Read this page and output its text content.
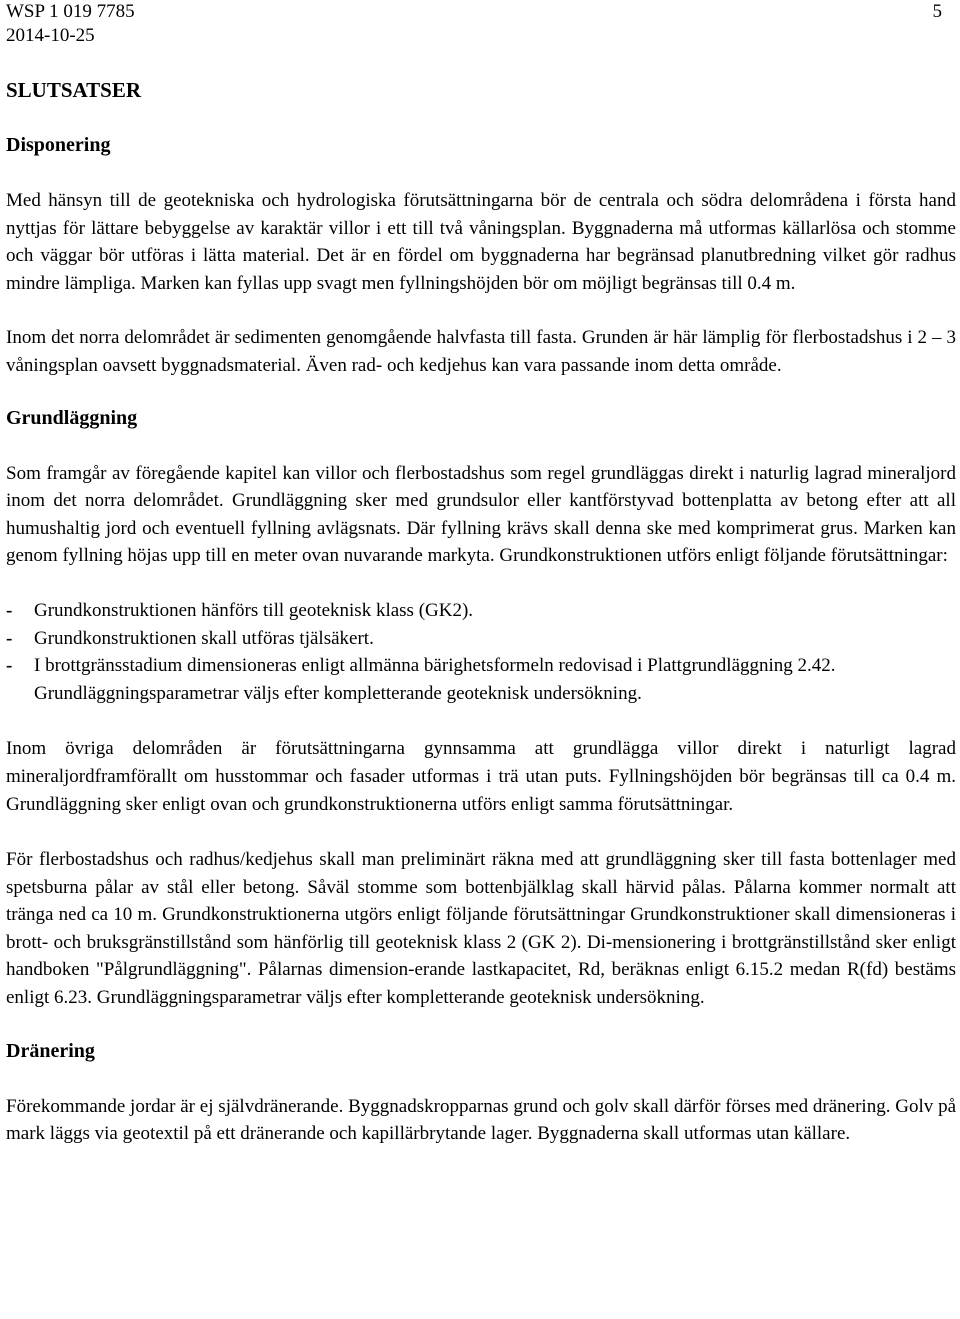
WSP 1 019 7785
2014-10-25
5
SLUTSATSER
Disponering

Med hänsyn till de geotekniska och hydrologiska förutsättningarna bör de centrala och södra delområdena i första hand nyttjas för lättare bebyggelse av karaktär villor i ett till två våningsplan. Byggnaderna må utformas källarlösa och stomme och väggar bör utföras i lätta material. Det är en fördel om byggnaderna har begränsad planutbredning vilket gör radhus mindre lämpliga. Marken kan fyllas upp svagt men fyllningshöjden bör om möjligt begränsas till 0.4 m.

Inom det norra delområdet är sedimenten genomgående halvfasta till fasta. Grunden är här lämplig för flerbostadshus i 2 – 3 våningsplan oavsett byggnadsmaterial. Även rad- och kedjehus kan vara passande inom detta område.

Grundläggning

Som framgår av föregående kapitel kan villor och flerbostadshus som regel grundläggas direkt i naturlig lagrad mineraljord inom det norra delområdet. Grundläggning sker med grundsulor eller kantförstyvad bottenplatta av betong efter att all humushaltig jord och eventuell fyllning avlägsnats. Där fyllning krävs skall denna ske med komprimerat grus. Marken kan genom fyllning höjas upp till en meter ovan nuvarande markyta. Grundkonstruktionen utförs enligt följande förutsättningar:

- Grundkonstruktionen hänförs till geoteknisk klass (GK2).
- Grundkonstruktionen skall utföras tjälsäkert.
- I brottgränsstadium dimensioneras enligt allmänna bärighetsformeln redovisad i Plattgrundläggning 2.42. Grundläggningsparametrar väljs efter kompletterande geoteknisk undersökning.

Inom övriga delområden är förutsättningarna gynnsamma att grundlägga villor direkt i naturligt lagrad mineraljordframförallt om husstommar och fasader utformas i trä utan puts. Fyllningshöjden bör begränsas till ca 0.4 m. Grundläggning sker enligt ovan och grundkonstruktionerna utförs enligt samma förutsättningar.

För flerbostadshus och radhus/kedjehus skall man preliminärt räkna med att grundläggning sker till fasta bottenlager med spetsburna pålar av stål eller betong. Såväl stomme som bottenbjälklag skall härvid pålas. Pålarna kommer normalt att tränga ned ca 10 m. Grundkonstruktionerna utgörs enligt följande förutsättningar Grundkonstruktioner skall dimensioneras i brott- och bruksgränstillstånd som hänförlig till geoteknisk klass 2 (GK 2). Di-mensionering i brottgränstillstånd sker enligt handboken "Pålgrundläggning". Pålarnas dimension-erande lastkapacitet, Rd, beräknas enligt 6.15.2 medan R(fd) bestäms enligt 6.23. Grundläggningsparametrar väljs efter kompletterande geoteknisk undersökning.

Dränering

Förekommande jordar är ej självdränerande. Byggnadskropparnas grund och golv skall därför förses med dränering. Golv på mark läggs via geotextil på ett dränerande och kapillärbrytande lager. Byggnaderna skall utformas utan källare.
